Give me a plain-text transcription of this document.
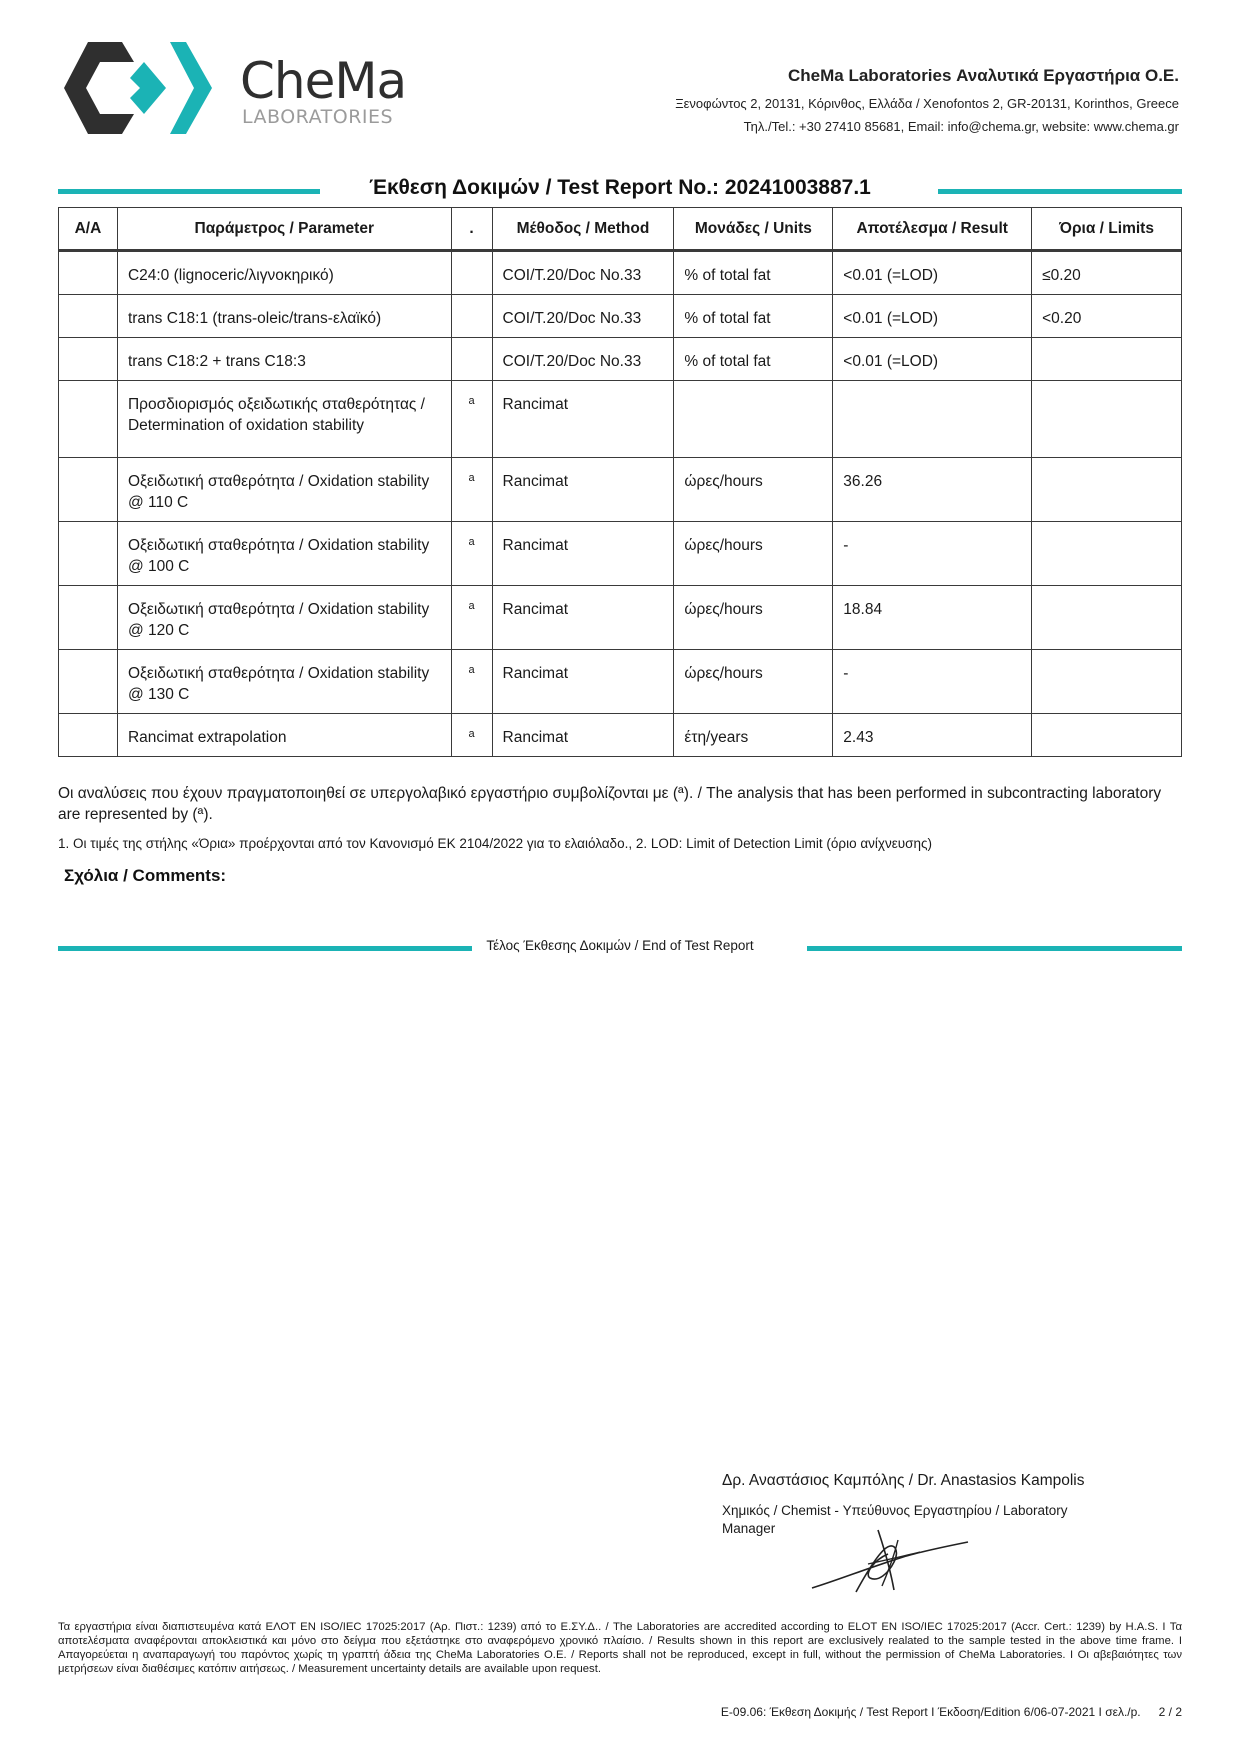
CheMa
LABORATORIES
CheMa Laboratories Αναλυτικά Εργαστήρια Ο.Ε.
Ξενοφώντος 2, 20131, Κόρινθος, Ελλάδα / Xenofontos 2, GR-20131, Korinthos, Greece
Τηλ./Tel.: +30 27410 85681, Email: info@chema.gr, website: www.chema.gr
Έκθεση Δοκιμών / Test Report No.: 20241003887.1
Α/Α	Παράμετρος / Parameter	.	Μέθοδος / Method	Μονάδες / Units	Αποτέλεσμα / Result	Όρια / Limits
	C24:0 (lignoceric/λιγνοκηρικό)		COI/T.20/Doc No.33	% of total fat	<0.01 (=LOD)	≤0.20
	trans C18:1 (trans-oleic/trans-ελαϊκό)		COI/T.20/Doc No.33	% of total fat	<0.01 (=LOD)	<0.20
	trans C18:2 + trans C18:3		COI/T.20/Doc No.33	% of total fat	<0.01 (=LOD)	
	Προσδιορισμός οξειδωτικής σταθερότητας / Determination of oxidation stability	a	Rancimat			
	Οξειδωτική σταθερότητα / Oxidation stability @ 110 C	a	Rancimat	ώρες/hours	36.26	
	Οξειδωτική σταθερότητα / Oxidation stability @ 100 C	a	Rancimat	ώρες/hours	-	
	Οξειδωτική σταθερότητα / Oxidation stability @ 120 C	a	Rancimat	ώρες/hours	18.84	
	Οξειδωτική σταθερότητα / Oxidation stability @ 130 C	a	Rancimat	ώρες/hours	-	
	Rancimat extrapolation	a	Rancimat	έτη/years	2.43	
Οι αναλύσεις που έχουν πραγματοποιηθεί σε υπεργολαβικό εργαστήριο συμβολίζονται με (ª). / The analysis that has been performed in subcontracting laboratory are represented by (ª).
1. Οι τιμές της στήλης «Όρια» προέρχονται από τον Κανονισμό ΕΚ 2104/2022 για το ελαιόλαδο., 2. LOD: Limit of Detection Limit (όριο ανίχνευσης)
Σχόλια / Comments:
Τέλος Έκθεσης Δοκιμών / End of Test Report
Δρ. Αναστάσιος Καμπόλης / Dr. Anastasios Kampolis
Χημικός / Chemist - Υπεύθυνος Εργαστηρίου / Laboratory Manager
Τα εργαστήρια είναι διαπιστευμένα κατά ΕΛΟΤ EN ISO/IEC 17025:2017 (Αρ. Πιστ.: 1239) από το Ε.ΣΥ.Δ.. / The Laboratories are accredited according to ELOT EN ISO/IEC 17025:2017 (Accr. Cert.: 1239) by H.A.S. I Τα αποτελέσματα αναφέρονται αποκλειστικά και μόνο στο δείγμα που εξετάστηκε στο αναφερόμενο χρονικό πλαίσιο. / Results shown in this report are exclusively realated to the sample tested in the above time frame. I Απαγορεύεται η αναπαραγωγή του παρόντος χωρίς τη γραπτή άδεια της CheMa Laboratories Ο.Ε. / Reports shall not be reproduced, except in full, without the permission of CheMa Laboratories. I Οι αβεβαιότητες των μετρήσεων είναι διαθέσιμες κατόπιν αιτήσεως. / Measurement uncertainty details are available upon request.
E-09.06: Έκθεση Δοκιμής / Test Report I Έκδοση/Edition 6/06-07-2021 I σελ./p. 2 / 2
